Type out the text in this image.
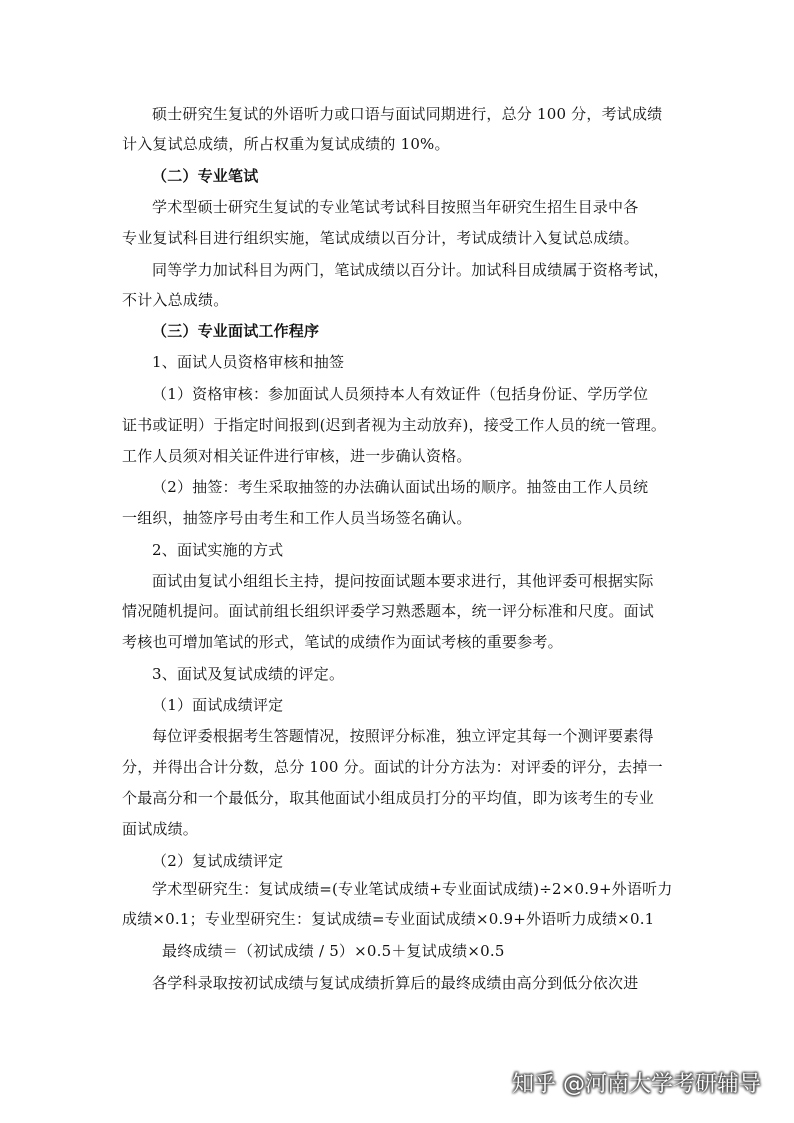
硕士研究生复试的外语听力或口语与面试同期进行，总分 100 分，考试成绩
计入复试总成绩，所占权重为复试成绩的 10%。
（二）专业笔试
学术型硕士研究生复试的专业笔试考试科目按照当年研究生招生目录中各
专业复试科目进行组织实施，笔试成绩以百分计，考试成绩计入复试总成绩。
同等学力加试科目为两门，笔试成绩以百分计。加试科目成绩属于资格考试，
不计入总成绩。
（三）专业面试工作程序
1、面试人员资格审核和抽签
（1）资格审核：参加面试人员须持本人有效证件（包括身份证、学历学位
证书或证明）于指定时间报到(迟到者视为主动放弃)，接受工作人员的统一管理。
工作人员须对相关证件进行审核，进一步确认资格。
（2）抽签：考生采取抽签的办法确认面试出场的顺序。抽签由工作人员统
一组织，抽签序号由考生和工作人员当场签名确认。
2、面试实施的方式
面试由复试小组组长主持，提问按面试题本要求进行，其他评委可根据实际
情况随机提问。面试前组长组织评委学习熟悉题本，统一评分标准和尺度。面试
考核也可增加笔试的形式，笔试的成绩作为面试考核的重要参考。
3、面试及复试成绩的评定。
（1）面试成绩评定
每位评委根据考生答题情况，按照评分标准，独立评定其每一个测评要素得
分，并得出合计分数，总分 100 分。面试的计分方法为：对评委的评分，去掉一
个最高分和一个最低分，取其他面试小组成员打分的平均值，即为该考生的专业
面试成绩。
（2）复试成绩评定
学术型研究生：复试成绩=(专业笔试成绩+专业面试成绩)÷2×0.9+外语听力
成绩×0.1；专业型研究生：复试成绩=专业面试成绩×0.9+外语听力成绩×0.1
最终成绩＝（初试成绩 / 5）×0.5＋复试成绩×0.5
各学科录取按初试成绩与复试成绩折算后的最终成绩由高分到低分依次进
知乎 @河南大学考研辅导
